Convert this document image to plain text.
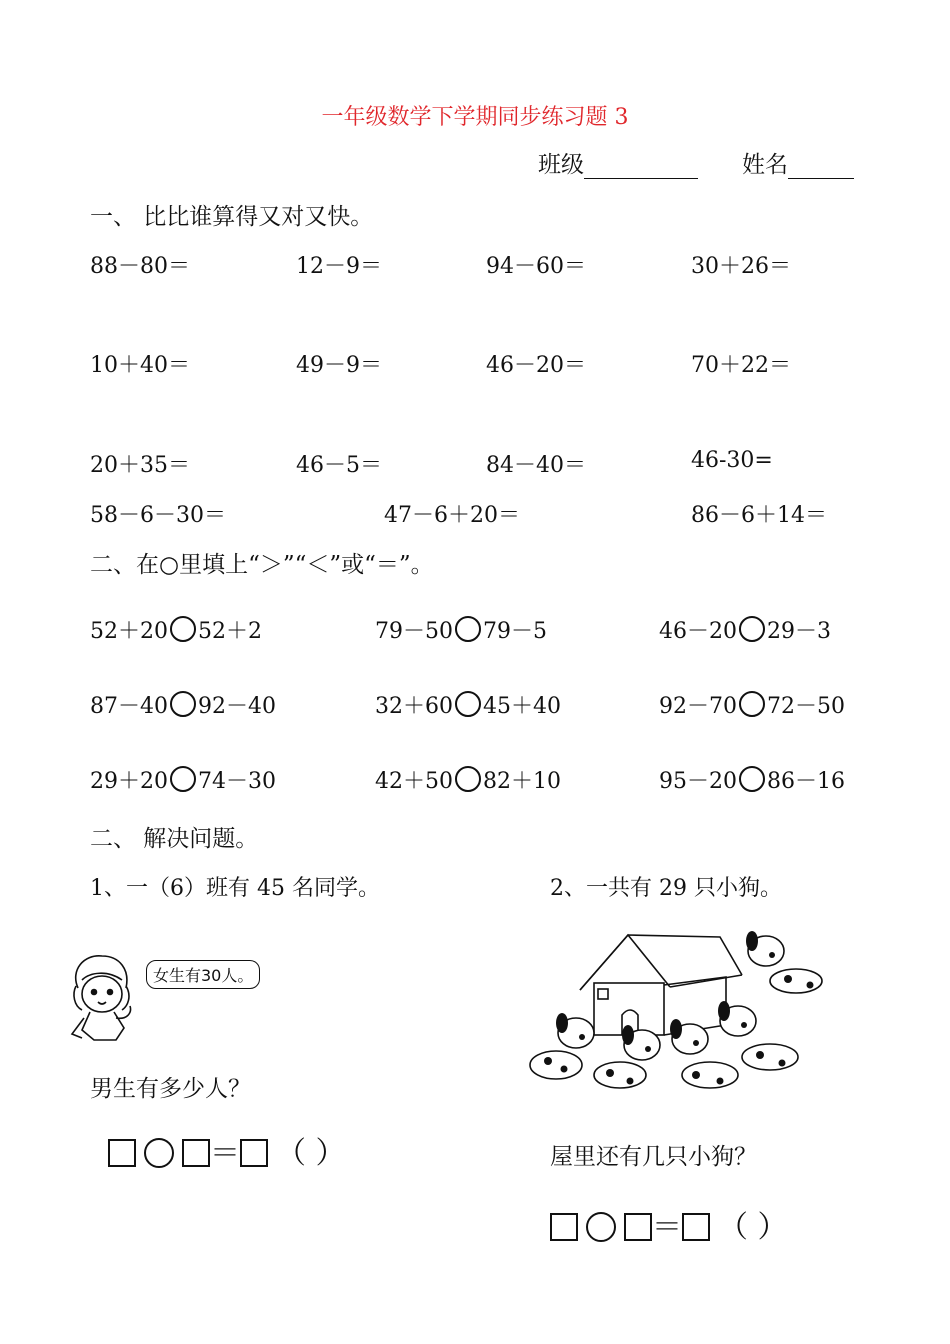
一年级数学下学期同步练习题 3
班级	姓名
一、 比比谁算得又对又快。
88－80＝	12－9＝	94－60＝	30＋26＝
10＋40＝	49－9＝	46－20＝	70＋22＝
20＋35＝	46－5＝	84－40＝	46-30=
58－6－30＝	47－6＋20＝	86－6＋14＝
二、在○里填上“＞”“＜”或“＝”。
52＋20 52＋2	79－50 79－5	46－20 29－3
87－40 92－40	32＋60 45＋40	92－70 72－50
29＋20 74－30	42＋50 82＋10	95－20 86－16
二、 解决问题。
1、一（6）班有 45 名同学。	2、一共有 29 只小狗。
女生有30人。
男生有多少人？
屋里还有几只小狗？
＝ （ ）
＝ （ ）
